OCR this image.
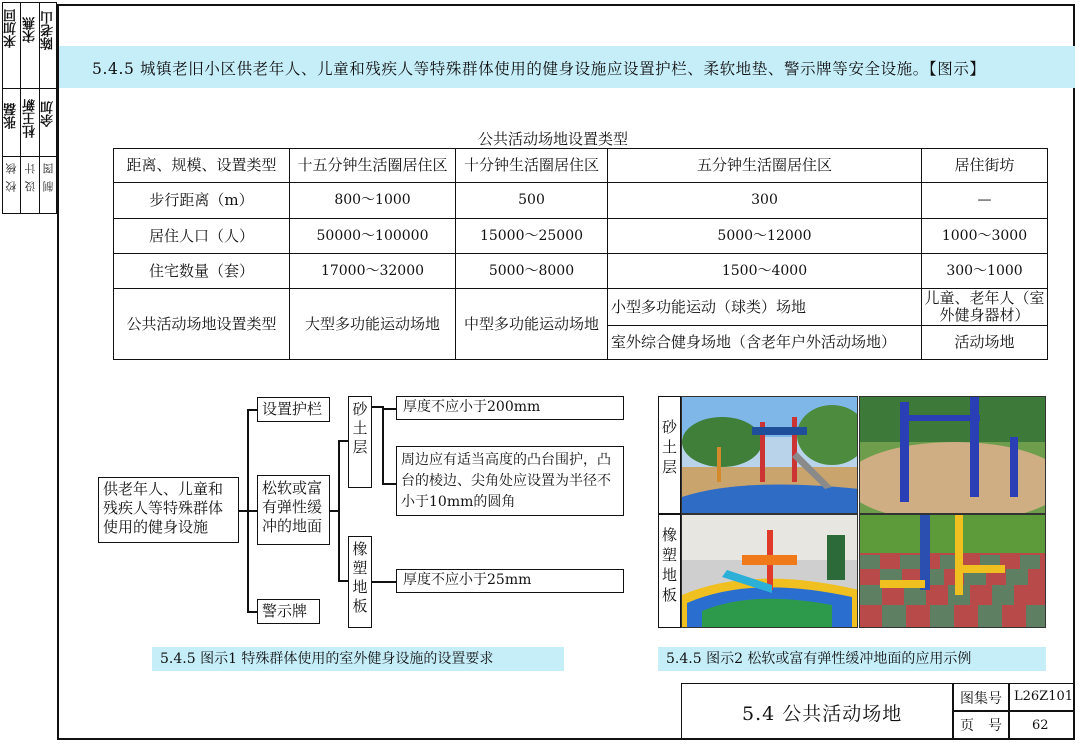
来加回 宋燕 陈老山
张磊 杜王新 余加
校
核
设
计
制
图
5.4.5 城镇老旧小区供老年人、儿童和残疾人等特殊群体使用的健身设施应设置护栏、柔软地垫、警示牌等安全设施。【图示】
公共活动场地设置类型
距离、规模、设置类型	十五分钟生活圈居住区	十分钟生活圈居住区	五分钟生活圈居住区	居住街坊
步行距离（m）	800～1000	500	300	—
居住人口（人）	50000～100000	15000～25000	5000～12000	1000～3000
住宅数量（套）	17000～32000	5000～8000	1500～4000	300～1000
公共活动场地设置类型	大型多功能运动场地	中型多功能运动场地	小型多功能运动（球类）场地	儿童、老年人（室外健身器材）
			室外综合健身场地（含老年户外活动场地）	活动场地
供老年人、儿童和残疾人等特殊群体使用的健身设施
设置护栏
松软或富有弹性缓冲的地面
警示牌
砂土层
橡塑地板
厚度不应小于200mm
周边应有适当高度的凸台围护，凸台的棱边、尖角处应设置为半径不小于10mm的圆角
厚度不应小于25mm
5.4.5 图示1 特殊群体使用的室外健身设施的设置要求
砂土层
橡塑地板
5.4.5 图示2 松软或富有弹性缓冲地面的应用示例
5.4 公共活动场地
图集号 L26Z101
页　号 62
